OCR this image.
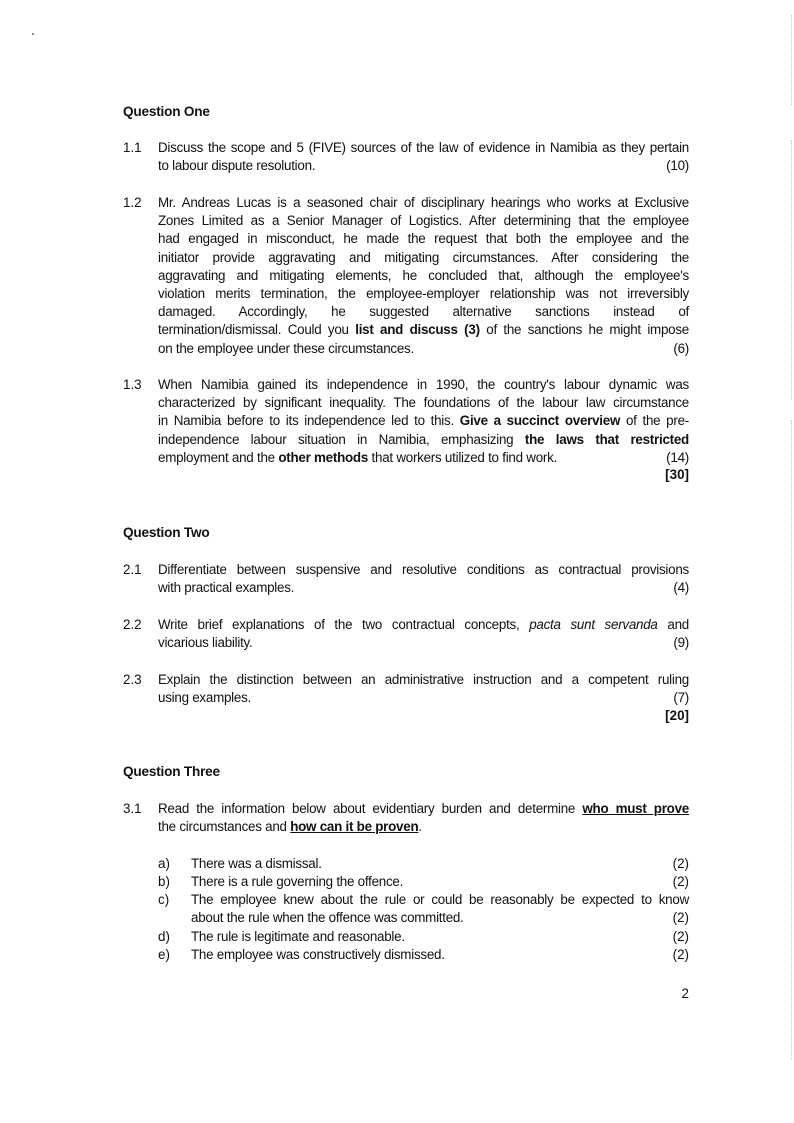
Question One
1.1 Discuss the scope and 5 (FIVE) sources of the law of evidence in Namibia as they pertain
to labour dispute resolution.	(10)
1.2 Mr. Andreas Lucas is a seasoned chair of disciplinary hearings who works at Exclusive
Zones Limited as a Senior Manager of Logistics. After determining that the employee
had engaged in misconduct, he made the request that both the employee and the
initiator provide aggravating and mitigating circumstances. After considering the
aggravating and mitigating elements, he concluded that, although the employee's
violation merits termination, the employee-employer relationship was not irreversibly
damaged. Accordingly, he suggested alternative sanctions instead of
termination/dismissal. Could you list and discuss (3) of the sanctions he might impose
on the employee under these circumstances.	(6)
1.3 When Namibia gained its independence in 1990, the country's labour dynamic was
characterized by significant inequality. The foundations of the labour law circumstance
in Namibia before to its independence led to this. Give a succinct overview of the pre-
independence labour situation in Namibia, emphasizing the laws that restricted
employment and the other methods that workers utilized to find work.	(14)
[30]
Question Two
2.1 Differentiate between suspensive and resolutive conditions as contractual provisions
with practical examples.	(4)
2.2 Write brief explanations of the two contractual concepts, pacta sunt servanda and
vicarious liability.	(9)
2.3 Explain the distinction between an administrative instruction and a competent ruling
using examples.	(7)
[20]
Question Three
3.1 Read the information below about evidentiary burden and determine who must prove
the circumstances and how can it be proven.
a) There was a dismissal.	(2)
b) There is a rule governing the offence.	(2)
c) The employee knew about the rule or could be reasonably be expected to know
about the rule when the offence was committed.	(2)
d) The rule is legitimate and reasonable.	(2)
e) The employee was constructively dismissed.	(2)
2
